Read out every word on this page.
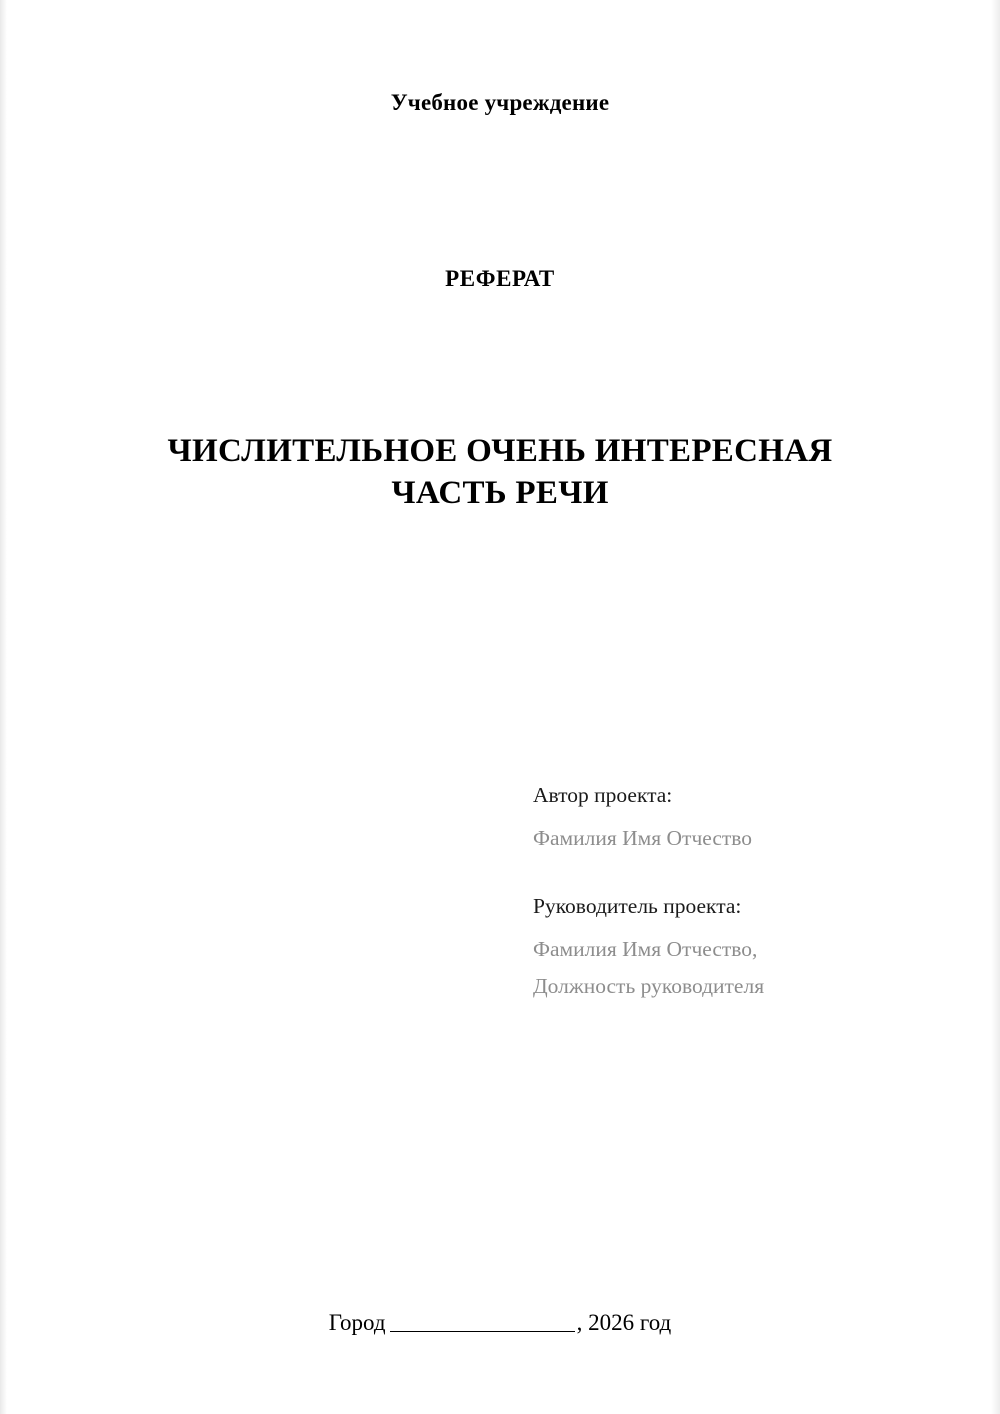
Учебное учреждение
РЕФЕРАТ
ЧИСЛИТЕЛЬНОЕ ОЧЕНЬ ИНТЕРЕСНАЯ ЧАСТЬ РЕЧИ
Автор проекта:
Фамилия Имя Отчество
Руководитель проекта:
Фамилия Имя Отчество,
Должность руководителя
Город	, 2026 год
